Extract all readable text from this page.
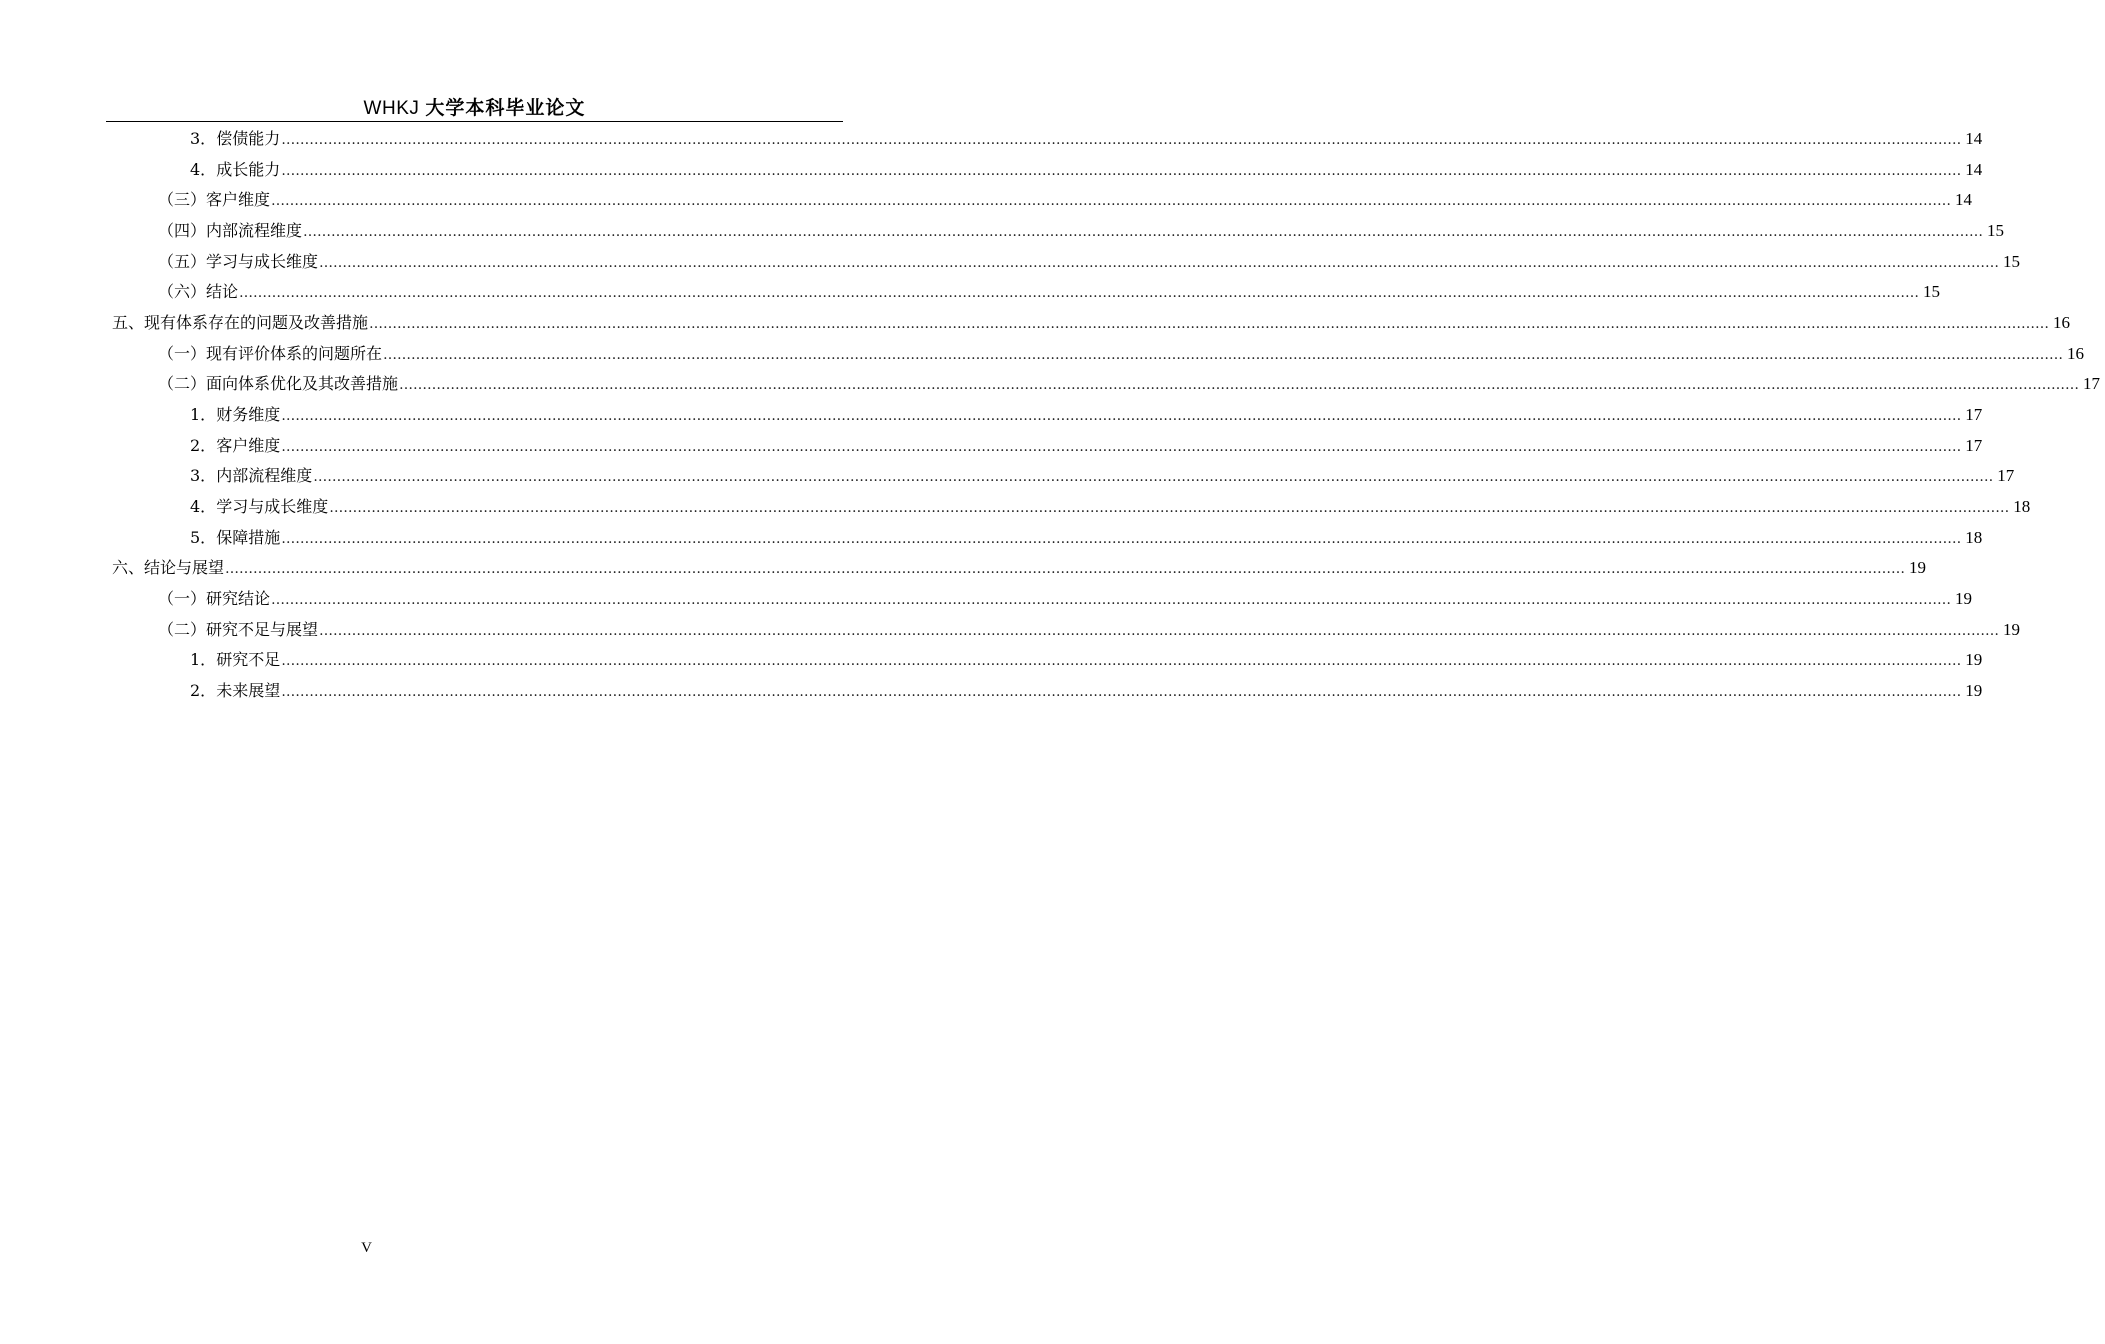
WHKJ 大学本科毕业论文
3． 偿债能力 ……………………………………………………………………………………………………………………………………………………………………………………………………………………………………………………………………………………………………………………………… 14
4． 成长能力 ……………………………………………………………………………………………………………………………………………………………………………………………………………………………………………………………………………………………………………………………… 14
（三） 客户维度 ……………………………………………………………………………………………………………………………………………………………………………………………………………………………………………………………………………………………………………………………… 14
（四） 内部流程维度 ……………………………………………………………………………………………………………………………………………………………………………………………………………………………………………………………………………………………………………………………… 15
（五） 学习与成长维度 ……………………………………………………………………………………………………………………………………………………………………………………………………………………………………………………………………………………………………………………………… 15
（六） 结论 ……………………………………………………………………………………………………………………………………………………………………………………………………………………………………………………………………………………………………………………………… 15
五、 现有体系存在的问题及改善措施 ……………………………………………………………………………………………………………………………………………………………………………………………………………………………………………………………………………………………………………………………… 16
（一） 现有评价体系的问题所在 ……………………………………………………………………………………………………………………………………………………………………………………………………………………………………………………………………………………………………………………………… 16
（二） 面向体系优化及其改善措施 ……………………………………………………………………………………………………………………………………………………………………………………………………………………………………………………………………………………………………………………………… 17
1． 财务维度 ……………………………………………………………………………………………………………………………………………………………………………………………………………………………………………………………………………………………………………………………… 17
2． 客户维度 ……………………………………………………………………………………………………………………………………………………………………………………………………………………………………………………………………………………………………………………………… 17
3． 内部流程维度 ……………………………………………………………………………………………………………………………………………………………………………………………………………………………………………………………………………………………………………………………… 17
4． 学习与成长维度 ……………………………………………………………………………………………………………………………………………………………………………………………………………………………………………………………………………………………………………………………… 18
5． 保障措施 ……………………………………………………………………………………………………………………………………………………………………………………………………………………………………………………………………………………………………………………………… 18
六、 结论与展望 ……………………………………………………………………………………………………………………………………………………………………………………………………………………………………………………………………………………………………………………………… 19
（一） 研究结论 ……………………………………………………………………………………………………………………………………………………………………………………………………………………………………………………………………………………………………………………………… 19
（二） 研究不足与展望 ……………………………………………………………………………………………………………………………………………………………………………………………………………………………………………………………………………………………………………………………… 19
1． 研究不足 ……………………………………………………………………………………………………………………………………………………………………………………………………………………………………………………………………………………………………………………………… 19
2． 未来展望 ……………………………………………………………………………………………………………………………………………………………………………………………………………………………………………………………………………………………………………………………… 19
V
